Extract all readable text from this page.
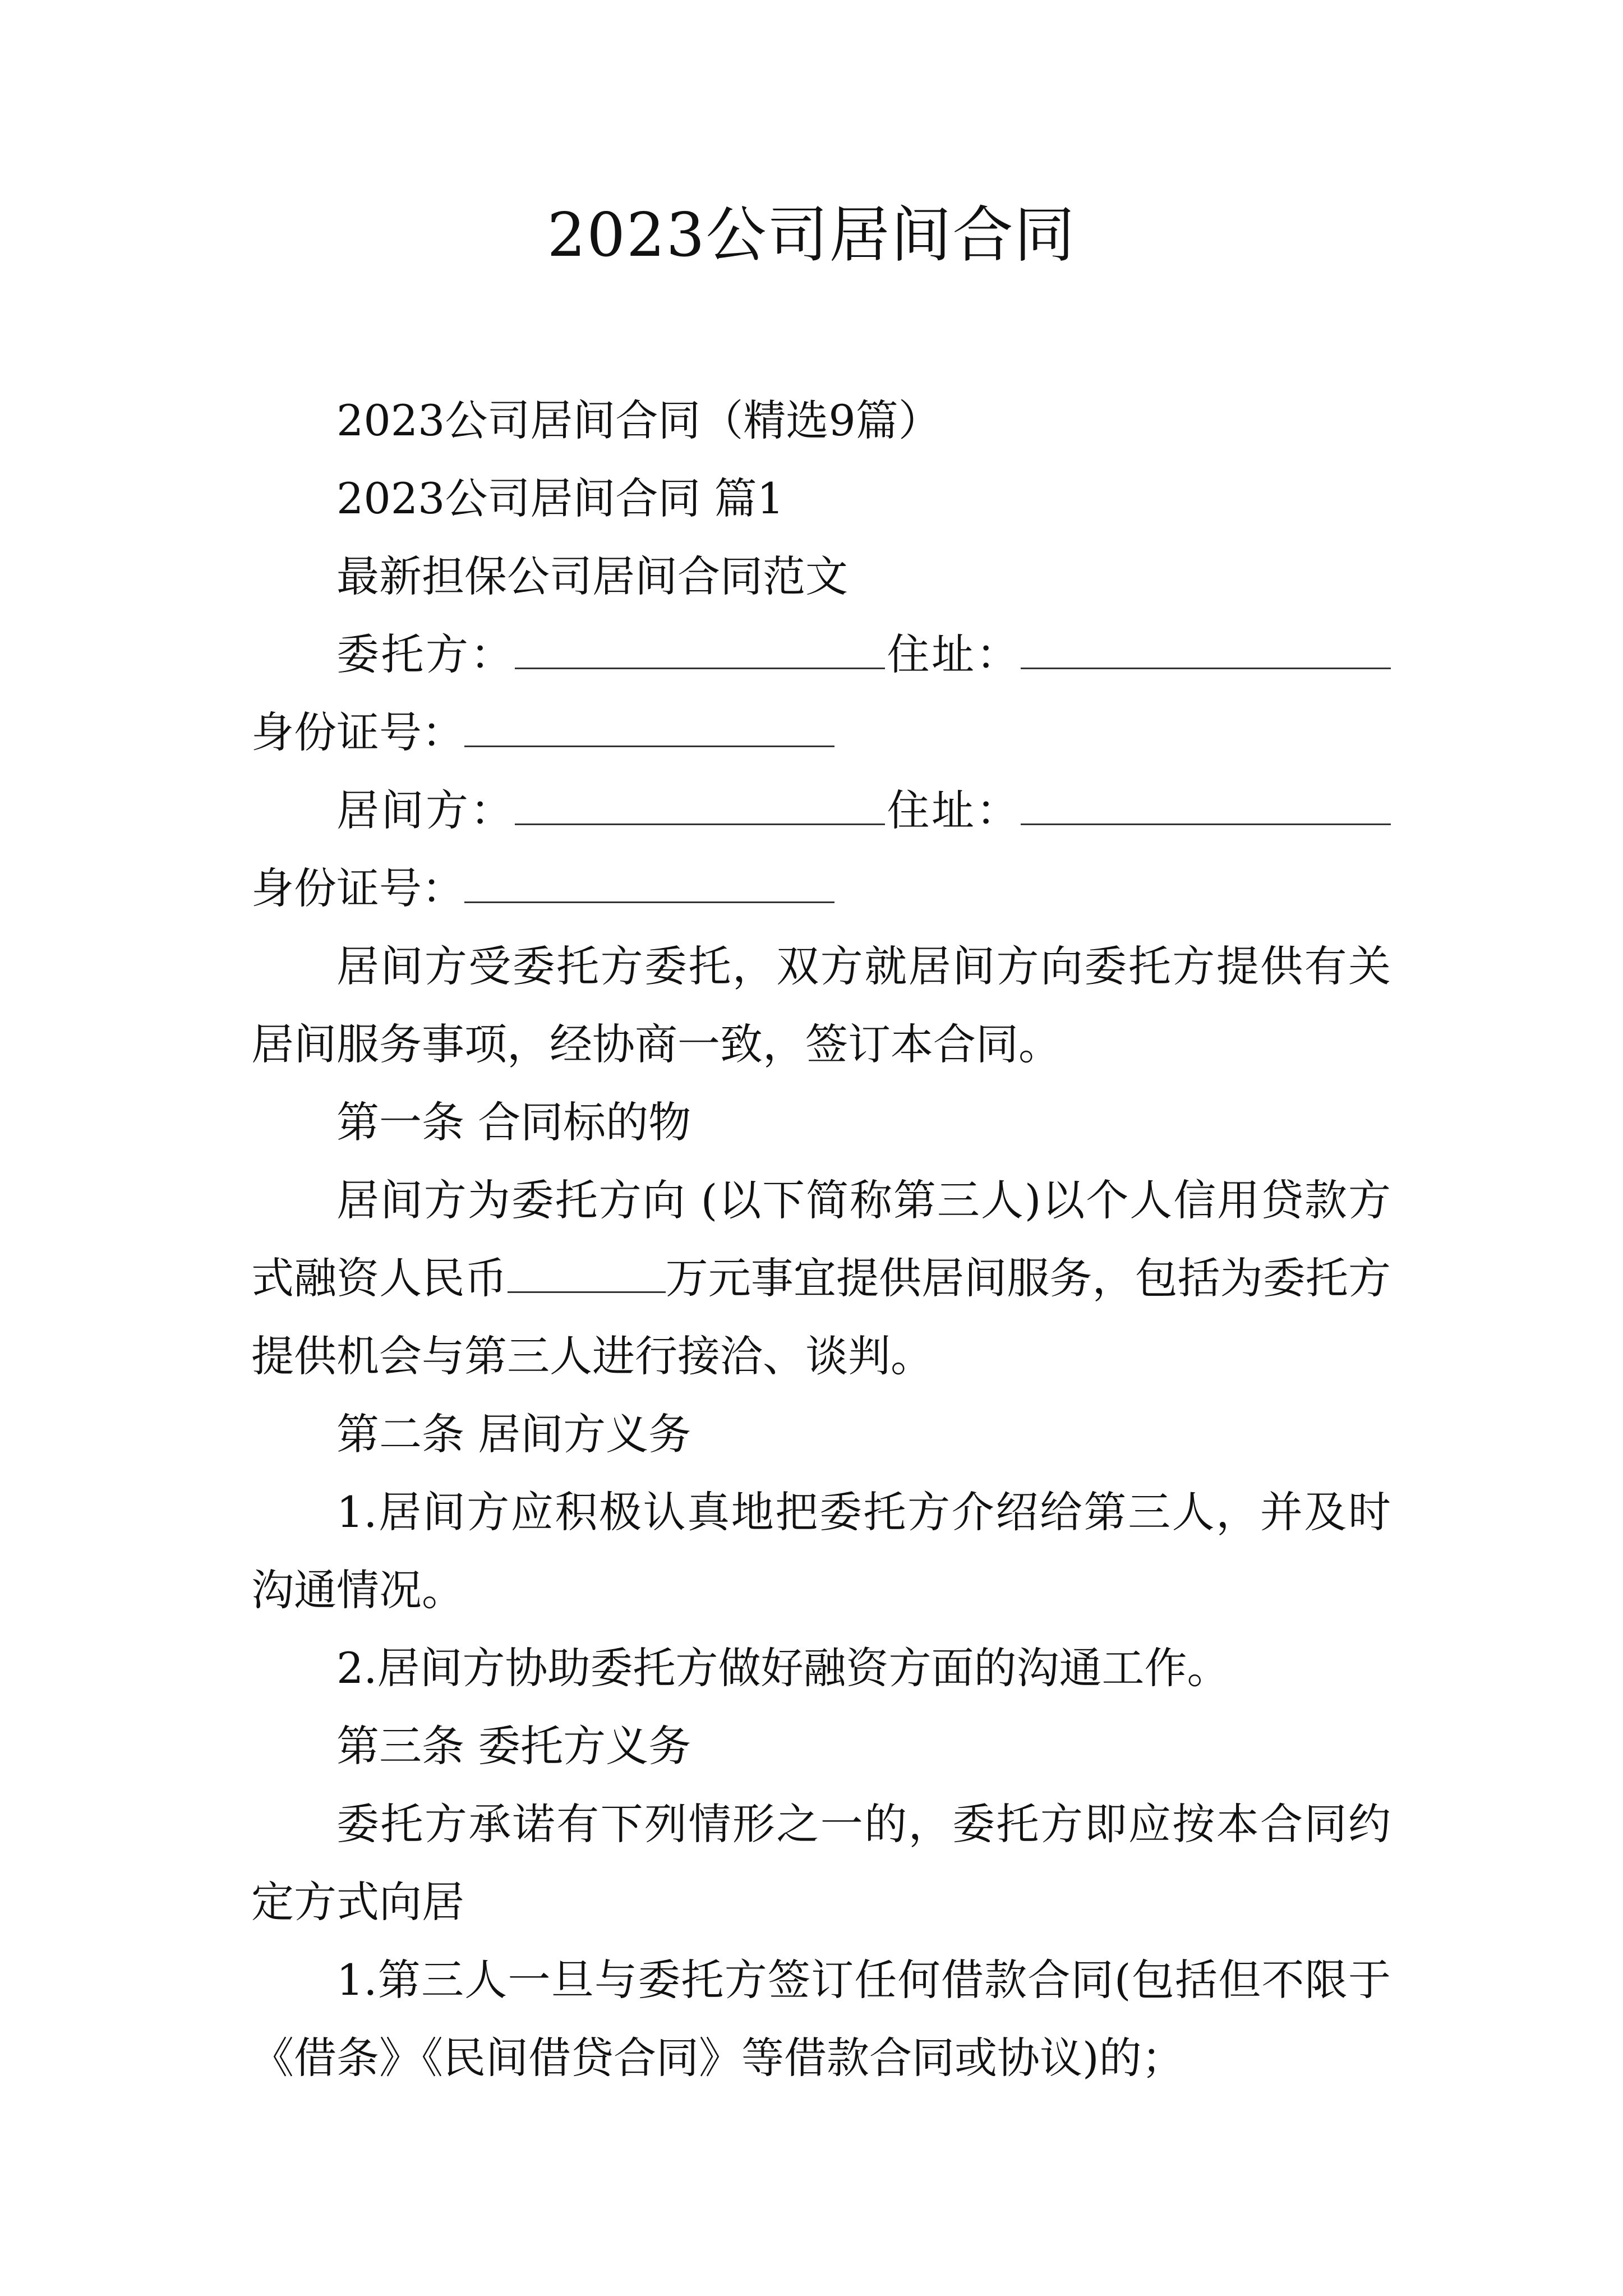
2023公司居间合同

2023公司居间合同（精选9篇）

2023公司居间合同 篇1

最新担保公司居间合同范文

委托方：	住址：身份证号：

居间方：	住址：身份证号：

居间方受委托方委托，双方就居间方向委托方提供有关居间服务事项，经协商一致，签订本合同。

第一条 合同标的物

居间方为委托方向 (以下简称第三人)以个人信用贷款方式融资人民币	万元事宜提供居间服务，包括为委托方提供机会与第三人进行接洽、谈判。

第二条 居间方义务

1.居间方应积极认真地把委托方介绍给第三人，并及时沟通情况。

2.居间方协助委托方做好融资方面的沟通工作。

第三条 委托方义务

委托方承诺有下列情形之一的，委托方即应按本合同约定方式向居

1.第三人一旦与委托方签订任何借款合同(包括但不限于《借条》《民间借贷合同》等借款合同或协议)的；
